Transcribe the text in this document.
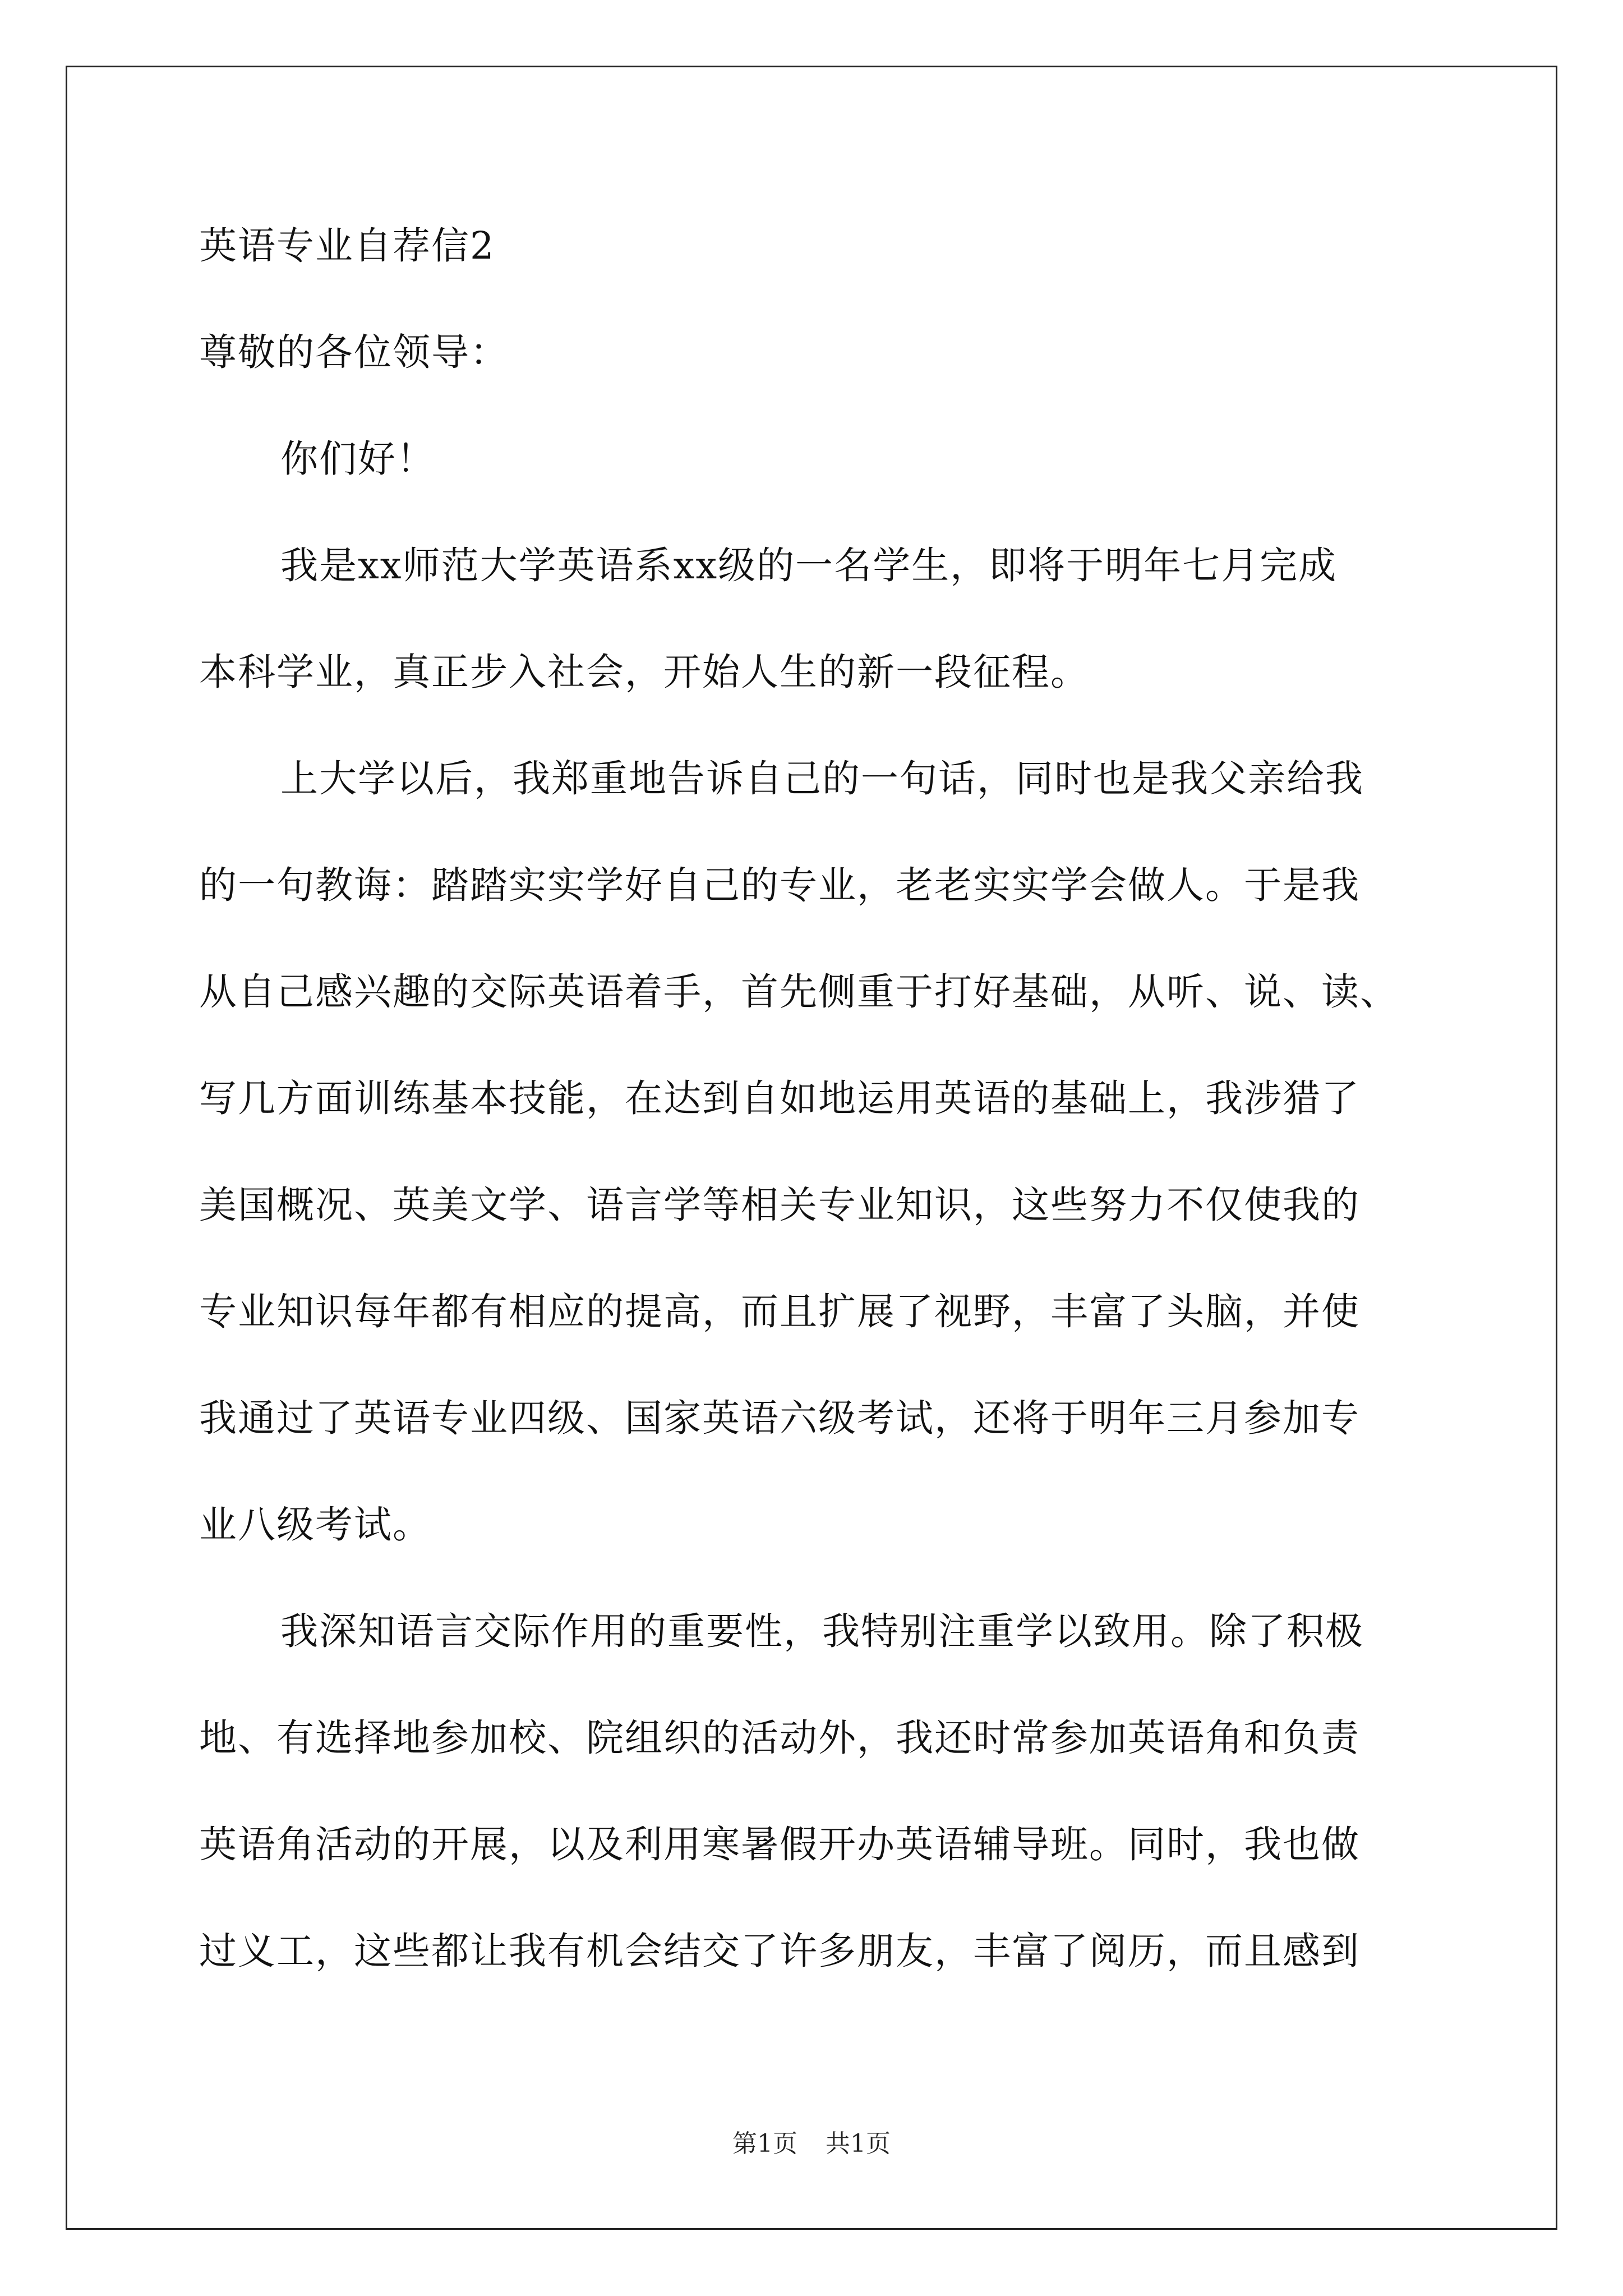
英语专业自荐信2
尊敬的各位领导：
你们好！
我是xx师范大学英语系xx级的一名学生，即将于明年七月完成
本科学业，真正步入社会，开始人生的新一段征程。
上大学以后，我郑重地告诉自己的一句话，同时也是我父亲给我
的一句教诲：踏踏实实学好自己的专业，老老实实学会做人。于是我
从自己感兴趣的交际英语着手，首先侧重于打好基础，从听、说、读、
写几方面训练基本技能，在达到自如地运用英语的基础上，我涉猎了
美国概况、英美文学、语言学等相关专业知识，这些努力不仅使我的
专业知识每年都有相应的提高，而且扩展了视野，丰富了头脑，并使
我通过了英语专业四级、国家英语六级考试，还将于明年三月参加专
业八级考试。
我深知语言交际作用的重要性，我特别注重学以致用。除了积极
地、有选择地参加校、院组织的活动外，我还时常参加英语角和负责
英语角活动的开展，以及利用寒暑假开办英语辅导班。同时，我也做
过义工，这些都让我有机会结交了许多朋友，丰富了阅历，而且感到
第1页 共1页
